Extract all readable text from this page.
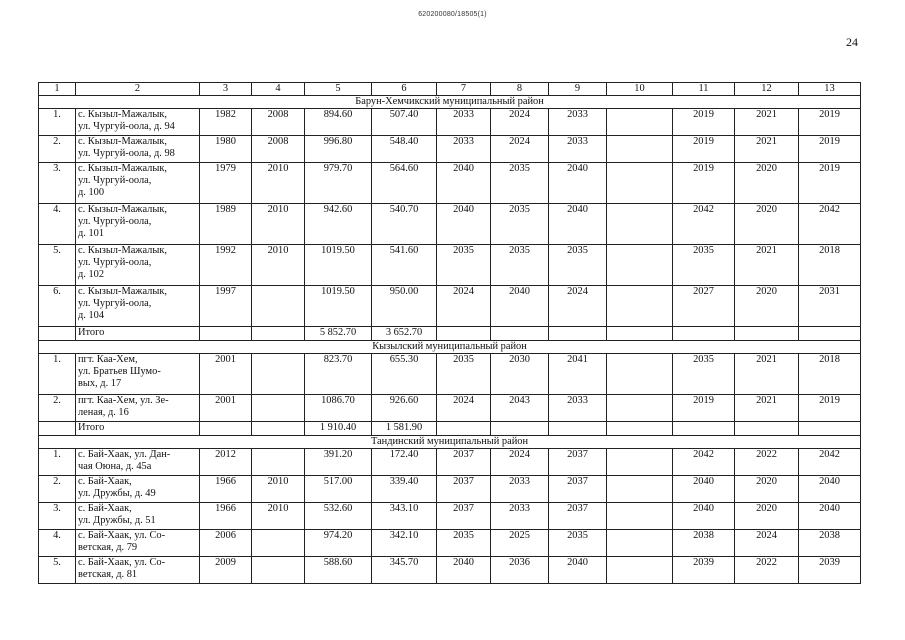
620200080/18505(1)
24
1	2	3	4	5	6	7	8	9	10	11	12	13
Барун-Хемчикский муниципальный район												
1.	с. Кызыл-Мажалык,
ул. Чургуй-оола, д. 94	1982	2008	894.60	507.40	2033	2024	2033		2019	2021	2019
2.	с. Кызыл-Мажалык,
ул. Чургуй-оола, д. 98	1980	2008	996.80	548.40	2033	2024	2033		2019	2021	2019
3.	с. Кызыл-Мажалык,
ул. Чургуй-оола,
д. 100	1979	2010	979.70	564.60	2040	2035	2040		2019	2020	2019
4.	с. Кызыл-Мажалык,
ул. Чургуй-оола,
д. 101	1989	2010	942.60	540.70	2040	2035	2040		2042	2020	2042
5.	с. Кызыл-Мажалык,
ул. Чургуй-оола,
д. 102	1992	2010	1019.50	541.60	2035	2035	2035		2035	2021	2018
6.	с. Кызыл-Мажалык,
ул. Чургуй-оола,
д. 104	1997		1019.50	950.00	2024	2040	2024		2027	2020	2031
	Итого			5 852.70	3 652.70							
Кызылский муниципальный район												
1.	пгт. Каа-Хем,
ул. Братьев Шумо-
вых, д. 17	2001		823.70	655.30	2035	2030	2041		2035	2021	2018
2.	пгт. Каа-Хем, ул. Зе-
леная, д. 16	2001		1086.70	926.60	2024	2043	2033		2019	2021	2019
	Итого			1 910.40	1 581.90							
Тандинский муниципальный район												
1.	с. Бай-Хаак, ул. Дан-
чая Оюна, д. 45а	2012		391.20	172.40	2037	2024	2037		2042	2022	2042
2.	с. Бай-Хаак,
ул. Дружбы, д. 49	1966	2010	517.00	339.40	2037	2033	2037		2040	2020	2040
3.	с. Бай-Хаак,
ул. Дружбы, д. 51	1966	2010	532.60	343.10	2037	2033	2037		2040	2020	2040
4.	с. Бай-Хаак, ул. Со-
ветская, д. 79	2006		974.20	342.10	2035	2025	2035		2038	2024	2038
5.	с. Бай-Хаак, ул. Со-
ветская, д. 81	2009		588.60	345.70	2040	2036	2040		2039	2022	2039
